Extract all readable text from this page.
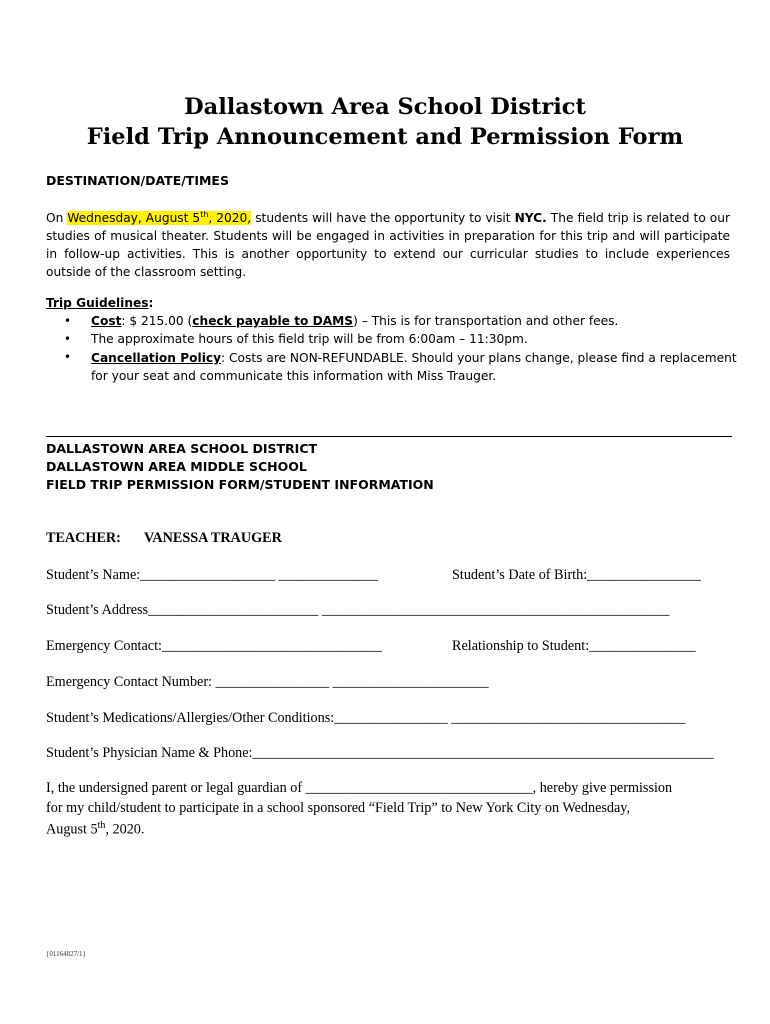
Dallastown Area School District
Field Trip Announcement and Permission Form
DESTINATION/DATE/TIMES
On Wednesday, August 5th, 2020, students will have the opportunity to visit NYC. The field trip is related to our studies of musical theater. Students will be engaged in activities in preparation for this trip and will participate in follow-up activities. This is another opportunity to extend our curricular studies to include experiences outside of the classroom setting.
Trip Guidelines:
• Cost: $ 215.00 (check payable to DAMS) – This is for transportation and other fees.
• The approximate hours of this field trip will be from 6:00am – 11:30pm.
• Cancellation Policy: Costs are NON-REFUNDABLE. Should your plans change, please find a replacement
for your seat and communicate this information with Miss Trauger.
DALLASTOWN AREA SCHOOL DISTRICT
DALLASTOWN AREA MIDDLE SCHOOL
FIELD TRIP PERMISSION FORM/STUDENT INFORMATION
TEACHER: VANESSA TRAUGER
Student’s Name:___________________ ______________	Student’s Date of Birth:________________
Student’s Address________________________ _________________________________________________
Emergency Contact:_______________________________	Relationship to Student:_______________
Emergency Contact Number: ________________ ______________________
Student’s Medications/Allergies/Other Conditions:________________ _________________________________
Student’s Physician Name & Phone:_________________________________________________________________
I, the undersigned parent or legal guardian of ________________________________, hereby give permission
for my child/student to participate in a school sponsored “Field Trip” to New York City on Wednesday,
August 5th, 2020.
{01164827/1}
